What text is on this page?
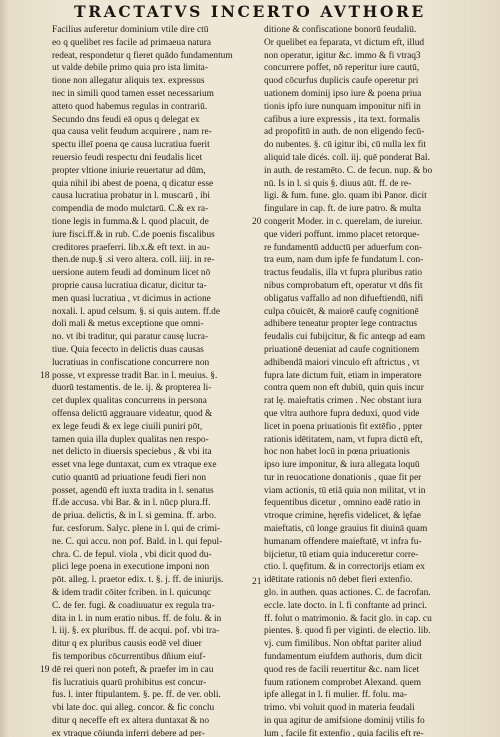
TRACTATVS INCERTO AVTHORE

Facilius auferetur dominium vtile dire ctū

eo q quelibet res facile ad primaeua natura

redeat, respondetur q fieret quādo fundamentum

ut valde debile primo quia pro ista limita-

tione non allegatur aliquis tex. expressus

nec in simili quod tamen esset necessarium

atteto quod habemus regulas in contrariū.

Secundo dns feudi eā opus q delegat ex

qua causa velit feudum acquirere , nam re-

spectu illeī poena qe causa lucratiua fuerit

reuersio feudi respectu dni feudalis licet

propter vltione iniurie reuertatur ad dūm,

quia nihil ibi abest de poena, q dicatur esse

causa lucratiua probatur in l. muscarū , ibi

compendia de modo mulctarū. C.& ex ra-

tione legis in fumma.& l. quod placuit, de

iure fisci.ff.& in rub. C.de poenis fiscalibus

creditores praeferri. lib.x.& eft text. in au-

then.de nup.§ .si vero altera. coll. iiij. in re-

uersione autem feudi ad dominum licet nō

proprie causa lucratiua dicatur, dicitur ta-

men quasi lucratiua , vt dicimus in actione

noxali. l. apud celsum. §. si quis autem. ff.de

doli mali & metus exceptione que omni-

no. vt ibi traditur, qui paratur causę lucra-

tiue. Quia fececto in delictis duas causas

lucratiuas in confiscatione concurrere non

posse, vt expresse tradit Bar. in l. meuius. §.

duorū testamentis. de le. ij. & propterea li-

cet duplex qualitas concurrens in persona

offensa delictū aggrauare videatur, quod &

ex lege feudi & ex lege ciuili puniri pōt,

tamen quia illa duplex qualitas nen respo-

net delicto in diuersis speciebus , & vbi ita

esset vna lege duntaxat, cum ex vtraque exe

cutio quantū ad priuatione feudi fieri non

posset, agendū eft iuxta tradita in l. senatus

ff.de accusa. vbi Bar. & in l. nūcp plura.ff.

de priua. delictis, & in l. si gemina. ff. arbo.

fur. cesforum. Salyc. plene in l. qui de crimi-

ne. C. qui accu. non pof. Bald. in l. qui fepul-

chra. C. de fepul. viola , vbi dicit quod du-

plici lege poena in executione imponi non

pōt. alleg. l. praetor edix. t. §. j. ff. de iniurijs.

& idem tradit cōiter fcriben. in l. quicunqc

C. de fer. fugi. & coadiuuatur ex regula tra-

dita in l. in num eratio nibus. ff. de folu. & in

l. iij. §. ex pluribus. ff. de acqui. pof. vbi tra-

ditur q ex pluribus causis eodē vel diuer

fis temporibus cōcurrentibus dñium eiuf-

dē rei queri non poteft, & praefer im in cau

fis lucratiuis quarū prohibitus est concur-

fus. l. inter ftipulantem. §. pe. ff. de ver. obli.

vbi late doc. qui alleg. concor. & fic conclu

ditur q neceffe eft ex altera duntaxat & no

ex vtraque cōiunda inferri debere ad per-

ditione & confiscatione bonorū feudaliū.

Or quelibet ea feparata, vt dictum eft, illud

non operatur, igitur &c. immo & fi vtraq3

concurrere poffet, nō reperitur iure cautū,

quod cōcurfus duplicis caufe operetur pri

uationem dominij ipso iure & poena priua

tionis ipfo iure nunquam imponitur nifi in

cafibus a iure expressis , ita text. formalis

ad propofitū in auth. de non eligendo fecū-

do nubentes. §. cū igitur ibi, cū nulla lex fit

aliquid tale dicés. coll. iij. quē ponderat Bal.

in auth. de restamēto. C. de fecun. nup. & bo

nū. Is in l. si quis §. diuus aūt. ff. de re-

ligi. & fum. fune. glo. quam ibi Panor. dicit

fingulare in cap. ft. de iure patro. & multa

congerit Moder. in c. querelam, de iureiur.

que videri poffunt. immo placet retorque-

re fundamentū adductū per aduerfum con-

tra eum, nam dum ipfe fe fundatum l. con-

tractus feudalis, illa vt fupra pluribus ratio

nibus comprobatum eft, operatur vt dñs fit

obligatus vaffallo ad non difueftiendū, nifi

culpa cōuicēt, & maiorē caufę cognitionē

adhibere teneatur propter lege contractus

feudalis cui fubijcitur, & fic anteqp ad eam

priuationē deueniat ad caufe cognitionem

adhibendā maiori vinculo eft aftrictus , vt

fupra late dictum fuit, etiam in imperatore

contra quem non eft dubiū, quin quis incur

rat lę. maieftatis crimen . Nec obstant iura

que vltra authore fupra deduxi, quod vide

licet in poena priuationis fit extēfio , ppter

rationis idētitatem, nam, vt fupra dictū eft,

hoc non habet locū in pœna priuationis

ipso iure imponitur, & iura allegata loquū

tur in reuocatione donationis , quae fit per

viam actionis, tū etiā quia non militat, vt in

fequentibus dicetur , omnino eadē ratio in

vtroque crimine, hęrefis videlicet, & lęfae

maieftatis, cū longe grauius fit diuinā quam

humanam offendere maieftatē, vt infra fu-

bijcietur, tū etiam quia induceretur corre-

ctio. l. quęfitum. & in correctorijs etiam ex

idētitate rationis nō debet fieri extenfio.

glo. in authen. quas actiones. C. de facrofan.

eccle. late docto. in l. fi conftante ad princi.

ff. folut o matrimonio. & facit glo. in cap. cu

pientes. §. quod fi per viginti. de electio. lib.

vj. cum fimilibus. Non obftat pariter aliud

fundamentum eiufdem authoris, dum dicit

quod res de facili reuertitur &c. nam licet

fuum rationem comprobet Alexand. quem

ipfe allegat in l. fi mulier. ff. folu. ma-

trimo. vbi voluit quod in materia feudali

in qua agitur de amifsione dominij vtilis fo

lum , facile fit extenfio , quia facilis eft re-

18
19
20
21
